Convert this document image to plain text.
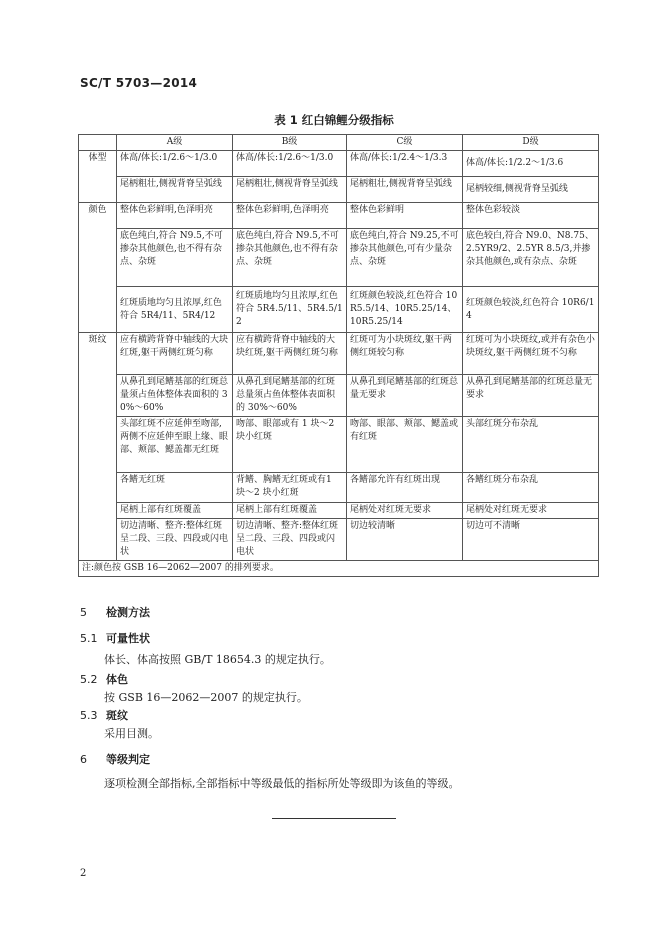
SC/T 5703—2014
表 1 红白锦鲤分级指标
	A级	B级	C级	D级
体型	体高/体长:1/2.6～1/3.0	体高/体长:1/2.6～1/3.0	体高/体长:1/2.4～1/3.3	体高/体长:1/2.2～1/3.6
	尾柄粗壮,侧视背脊呈弧线	尾柄粗壮,侧视背脊呈弧线	尾柄粗壮,侧视背脊呈弧线	尾柄较细,侧视背脊呈弧线
颜色	整体色彩鲜明,色泽明亮	整体色彩鲜明,色泽明亮	整体色彩鲜明	整体色彩较淡
	底色纯白,符合 N9.5,不可掺杂其他颜色,也不得有杂点、杂斑	底色纯白,符合 N9.5,不可掺杂其他颜色,也不得有杂点、杂斑	底色纯白,符合 N9.25,不可掺杂其他颜色,可有少量杂点、杂斑	底色较白,符合 N9.0、N8.75、2.5YR9/2、2.5YR 8.5/3,并掺杂其他颜色,或有杂点、杂斑
	红斑质地均匀且浓厚,红色符合 5R4/11、5R4/12	红斑质地均匀且浓厚,红色符合 5R4.5/11、5R4.5/12	红斑颜色较淡,红色符合 10R5.5/14、10R5.25/14、10R5.25/14	红斑颜色较淡,红色符合 10R6/14
斑纹	应有横跨背脊中轴线的大块红斑,躯干两侧红斑匀称	应有横跨背脊中轴线的大块红斑,躯干两侧红斑匀称	红斑可为小块斑纹,躯干两侧红斑较匀称	红斑可为小块斑纹,或并有杂色小块斑纹,躯干两侧红斑不匀称
	从鼻孔到尾鳍基部的红斑总量须占鱼体整体表面积的 30%～60%	从鼻孔到尾鳍基部的红斑总量须占鱼体整体表面积的 30%～60%	从鼻孔到尾鳍基部的红斑总量无要求	从鼻孔到尾鳍基部的红斑总量无要求
	头部红斑不应延伸至吻部,两侧不应延伸至眼上缘、眼部、颊部、鳃盖都无红斑	吻部、眼部或有 1 块～2块小红斑	吻部、眼部、颊部、鳃盖或有红斑	头部红斑分布杂乱
	各鳍无红斑	背鳍、胸鳍无红斑或有1 块～2 块小红斑	各鳍部允许有红斑出现	各鳍红斑分布杂乱
	尾柄上部有红斑覆盖	尾柄上部有红斑覆盖	尾柄处对红斑无要求	尾柄处对红斑无要求
	切边清晰、整齐:整体红斑呈二段、三段、四段或闪电状	切边清晰、整齐:整体红斑呈二段、三段、四段或闪电状	切边较清晰	切边可不清晰
注:颜色按 GSB 16—2062—2007 的排列要求。				
5 检测方法
5.1 可量性状
体长、体高按照 GB/T 18654.3 的规定执行。
5.2 体色
按 GSB 16—2062—2007 的规定执行。
5.3 斑纹
采用目测。
6 等级判定
逐项检测全部指标,全部指标中等级最低的指标所处等级即为该鱼的等级。
2
